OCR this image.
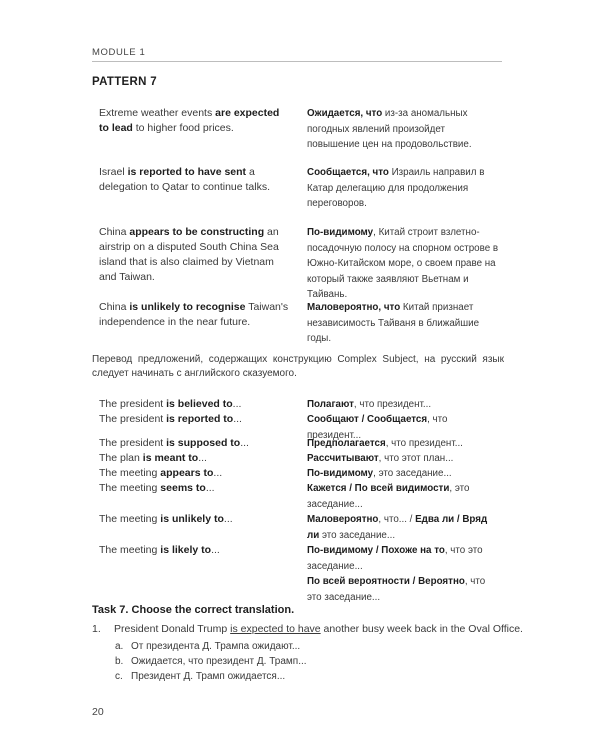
MODULE 1
PATTERN 7
Extreme weather events are expected to lead to higher food prices.
Ожидается, что из-за аномальных погодных явлений произойдет повышение цен на продовольствие.
Israel is reported to have sent a delegation to Qatar to continue talks.
Сообщается, что Израиль направил в Катар делегацию для продолжения переговоров.
China appears to be constructing an airstrip on a disputed South China Sea island that is also claimed by Vietnam and Taiwan.
По-видимому, Китай строит взлетно-посадочную полосу на спорном острове в Южно-Китайском море, о своем праве на который также заявляют Вьетнам и Тайвань.
China is unlikely to recognise Taiwan's independence in the near future.
Маловероятно, что Китай признает независимость Тайваня в ближайшие годы.
Перевод предложений, содержащих конструкцию Complex Subject, на русский язык следует начинать с английского сказуемого.
The president is believed to...
The president is reported to...
The president is supposed to...
The plan is meant to...
The meeting appears to...
The meeting seems to...
The meeting is unlikely to...
The meeting is likely to...
Полагают, что президент...
Сообщают / Сообщается, что президент...
Предполагается, что президент...
Рассчитывают, что этот план...
По-видимому, это заседание...
Кажется / По всей видимости, это заседание...
Маловероятно, что... / Едва ли / Вряд ли это заседание...
По-видимому / Похоже на то, что это заседание...
По всей вероятности / Вероятно, что это заседание...
Task 7. Choose the correct translation.
1. President Donald Trump is expected to have another busy week back in the Oval Office.
a. От президента Д. Трампа ожидают...
b. Ожидается, что президент Д. Трамп...
c. Президент Д. Трамп ожидается...
20
